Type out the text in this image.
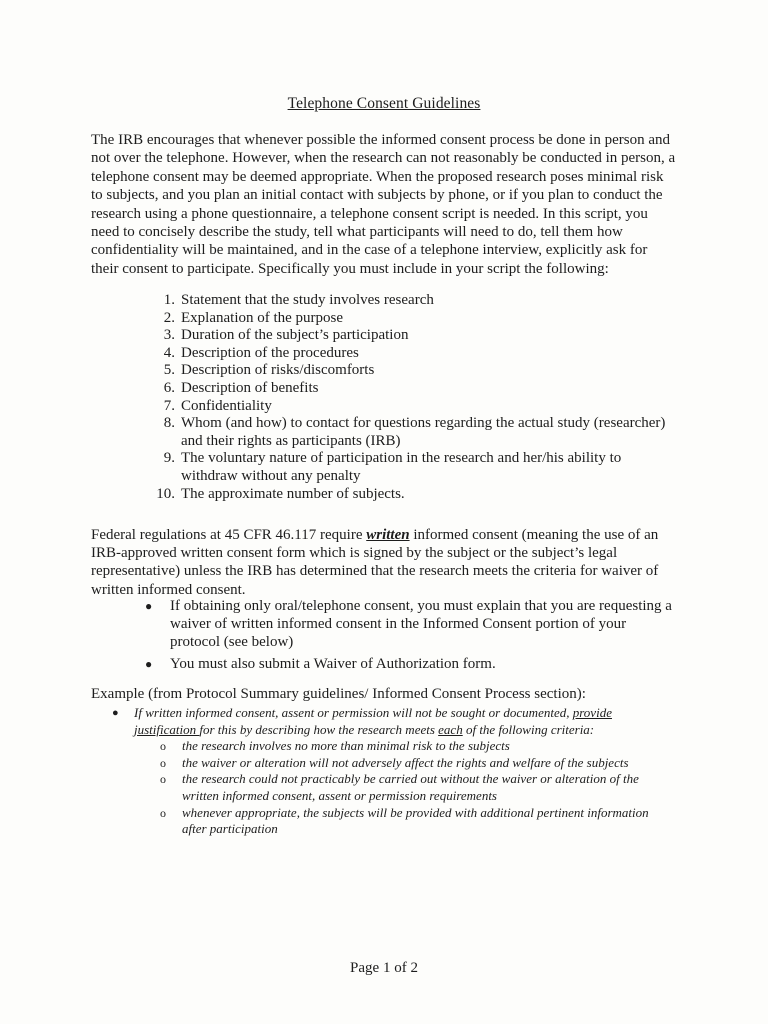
Telephone Consent Guidelines

The IRB encourages that whenever possible the informed consent process be done in person and
not over the telephone. However, when the research can not reasonably be conducted in person, a
telephone consent may be deemed appropriate. When the proposed research poses minimal risk
to subjects, and you plan an initial contact with subjects by phone, or if you plan to conduct the
research using a phone questionnaire, a telephone consent script is needed. In this script, you
need to concisely describe the study, tell what participants will need to do, tell them how
confidentiality will be maintained, and in the case of a telephone interview, explicitly ask for
their consent to participate. Specifically you must include in your script the following:

1. Statement that the study involves research
2. Explanation of the purpose
3. Duration of the subject’s participation
4. Description of the procedures
5. Description of risks/discomforts
6. Description of benefits
7. Confidentiality
8. Whom (and how) to contact for questions regarding the actual study (researcher)
and their rights as participants (IRB)
9. The voluntary nature of participation in the research and her/his ability to
withdraw without any penalty
10. The approximate number of subjects.

Federal regulations at 45 CFR 46.117 require written informed consent (meaning the use of an
IRB-approved written consent form which is signed by the subject or the subject’s legal
representative) unless the IRB has determined that the research meets the criteria for waiver of
written informed consent.

● If obtaining only oral/telephone consent, you must explain that you are requesting a
waiver of written informed consent in the Informed Consent portion of your
protocol (see below)
● You must also submit a Waiver of Authorization form.
Example (from Protocol Summary guidelines/ Informed Consent Process section):
● If written informed consent, assent or permission will not be sought or documented, provide
justification for this by describing how the research meets each of the following criteria:
o the research involves no more than minimal risk to the subjects
o the waiver or alteration will not adversely affect the rights and welfare of the subjects
o the research could not practicably be carried out without the waiver or alteration of the
written informed consent, assent or permission requirements
o whenever appropriate, the subjects will be provided with additional pertinent information
after participation
Page 1 of 2
